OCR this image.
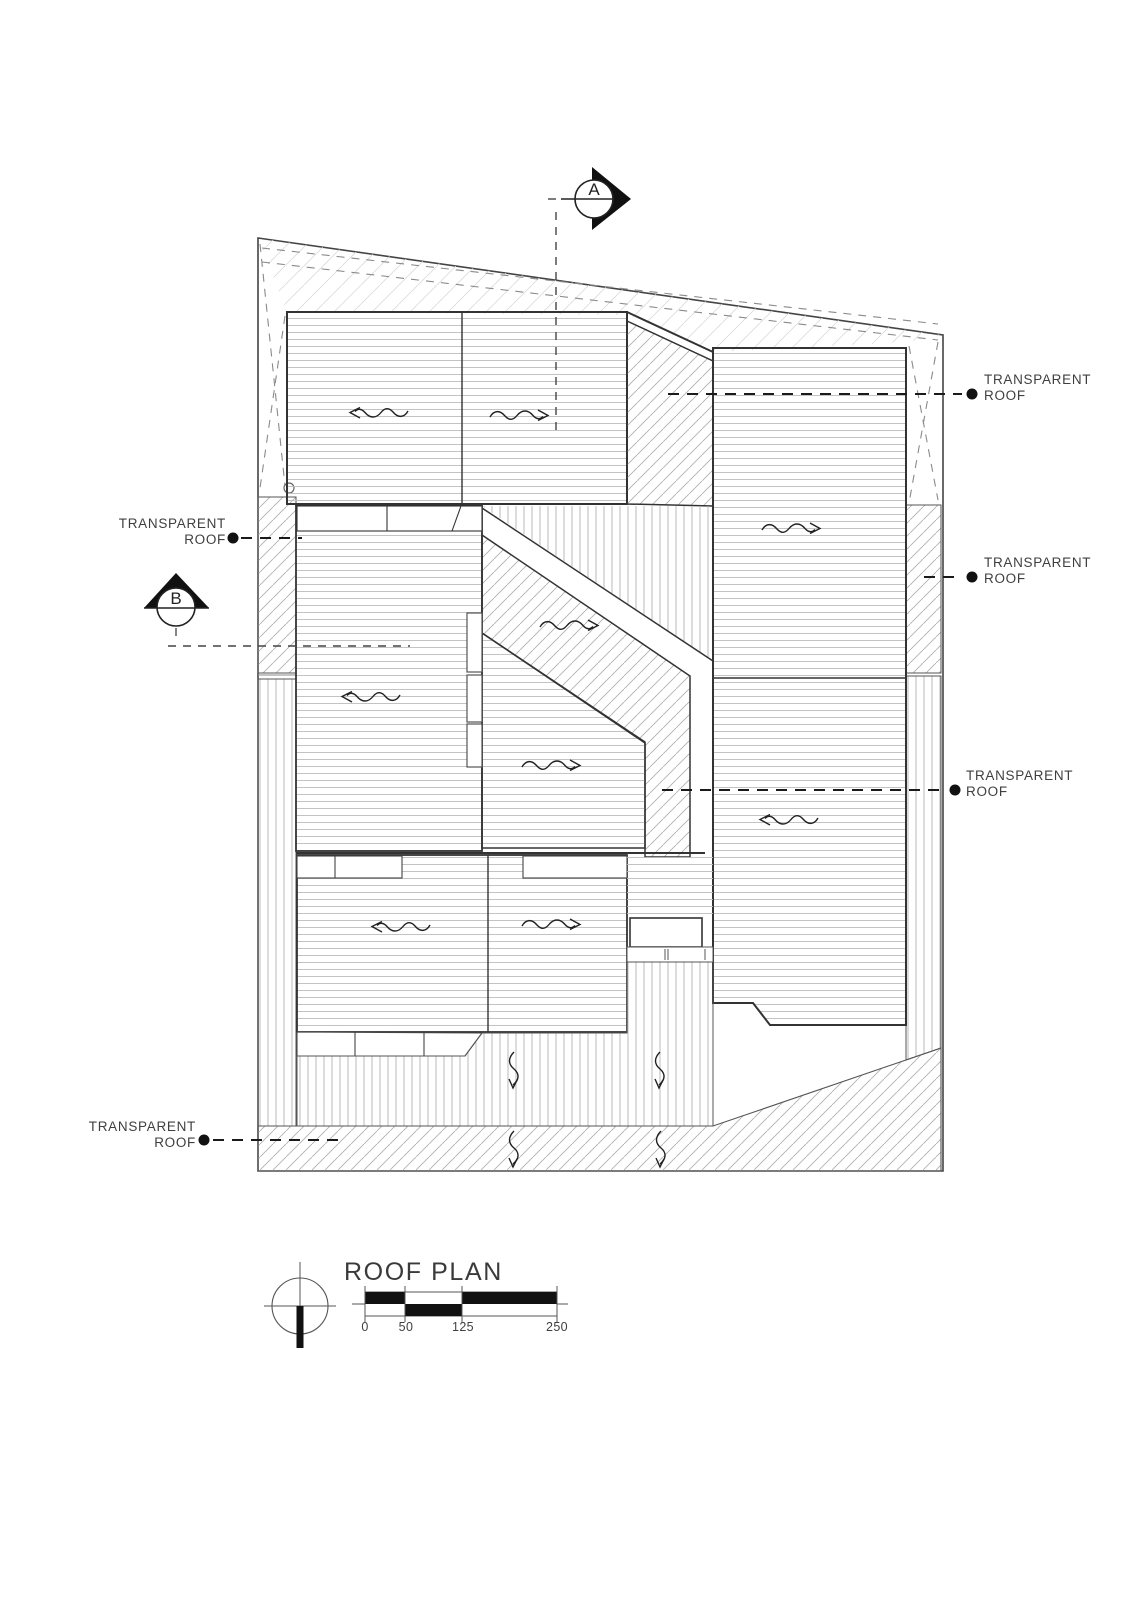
A
B
TRANSPARENT
ROOF
TRANSPARENT
ROOF
TRANSPARENT
ROOF
TRANSPARENT
ROOF
TRANSPARENT
ROOF
ROOF PLAN
0 50	125	250
